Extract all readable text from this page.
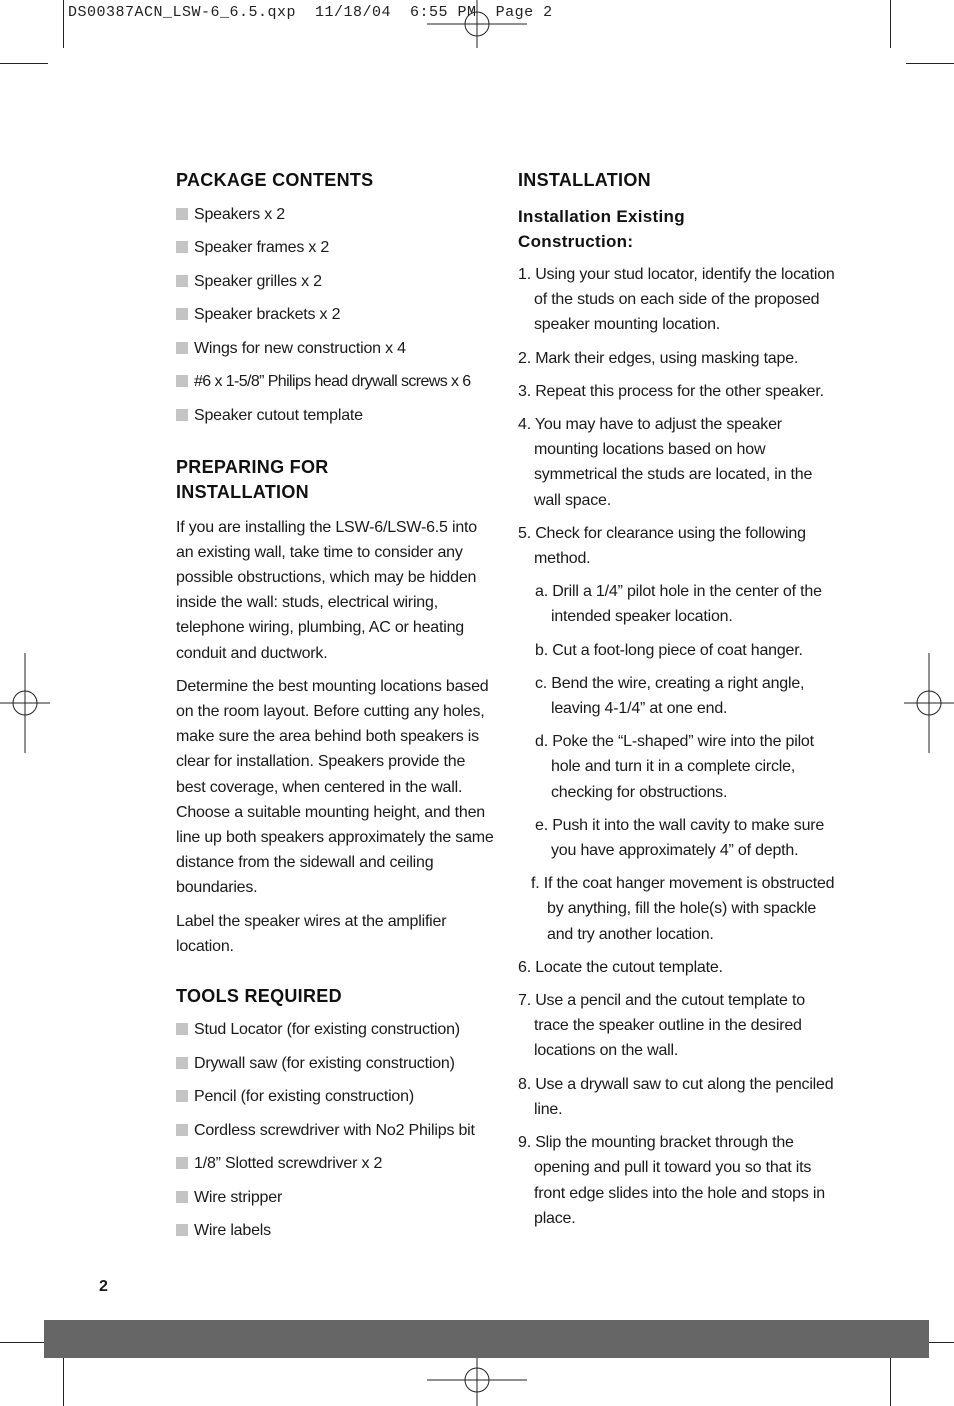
DS00387ACN_LSW-6_6.5.qxp  11/18/04  6:55 PM  Page 2
PACKAGE CONTENTS
Speakers x 2
Speaker frames x 2
Speaker grilles x 2
Speaker brackets x 2
Wings for new construction x 4
#6 x 1-5/8” Philips head drywall screws x 6
Speaker cutout template
PREPARING FOR
INSTALLATION

If you are installing the LSW-6/LSW-6.5 into an existing wall, take time to consider any possible obstructions, which may be hidden inside the wall: studs, electrical wiring, telephone wiring, plumbing, AC or heating conduit and ductwork.

Determine the best mounting locations based on the room layout. Before cutting any holes, make sure the area behind both speakers is clear for installation. Speakers provide the best coverage, when centered in the wall. Choose a suitable mounting height, and then line up both speakers approximately the same distance from the sidewall and ceiling boundaries.

Label the speaker wires at the amplifier location.

TOOLS REQUIRED
Stud Locator (for existing construction)
Drywall saw (for existing construction)
Pencil (for existing construction)
Cordless screwdriver with No2 Philips bit
1/8” Slotted screwdriver x 2
Wire stripper
Wire labels
INSTALLATION
Installation Existing
Construction:
1. Using your stud locator, identify the location of the studs on each side of the proposed speaker mounting location.
2. Mark their edges, using masking tape.
3. Repeat this process for the other speaker.
4. You may have to adjust the speaker mounting locations based on how symmetrical the studs are located, in the wall space.
5. Check for clearance using the following method.
a. Drill a 1/4” pilot hole in the center of the intended speaker location.
b. Cut a foot-long piece of coat hanger.
c. Bend the wire, creating a right angle, leaving 4-1/4” at one end.
d. Poke the “L-shaped” wire into the pilot hole and turn it in a complete circle, checking for obstructions.
e. Push it into the wall cavity to make sure you have approximately 4” of depth.
f. If the coat hanger movement is obstructed by anything, fill the hole(s) with spackle and try another location.
6. Locate the cutout template.
7. Use a pencil and the cutout template to trace the speaker outline in the desired locations on the wall.
8. Use a drywall saw to cut along the penciled line.
9. Slip the mounting bracket through the opening and pull it toward you so that its front edge slides into the hole and stops in place.
2
